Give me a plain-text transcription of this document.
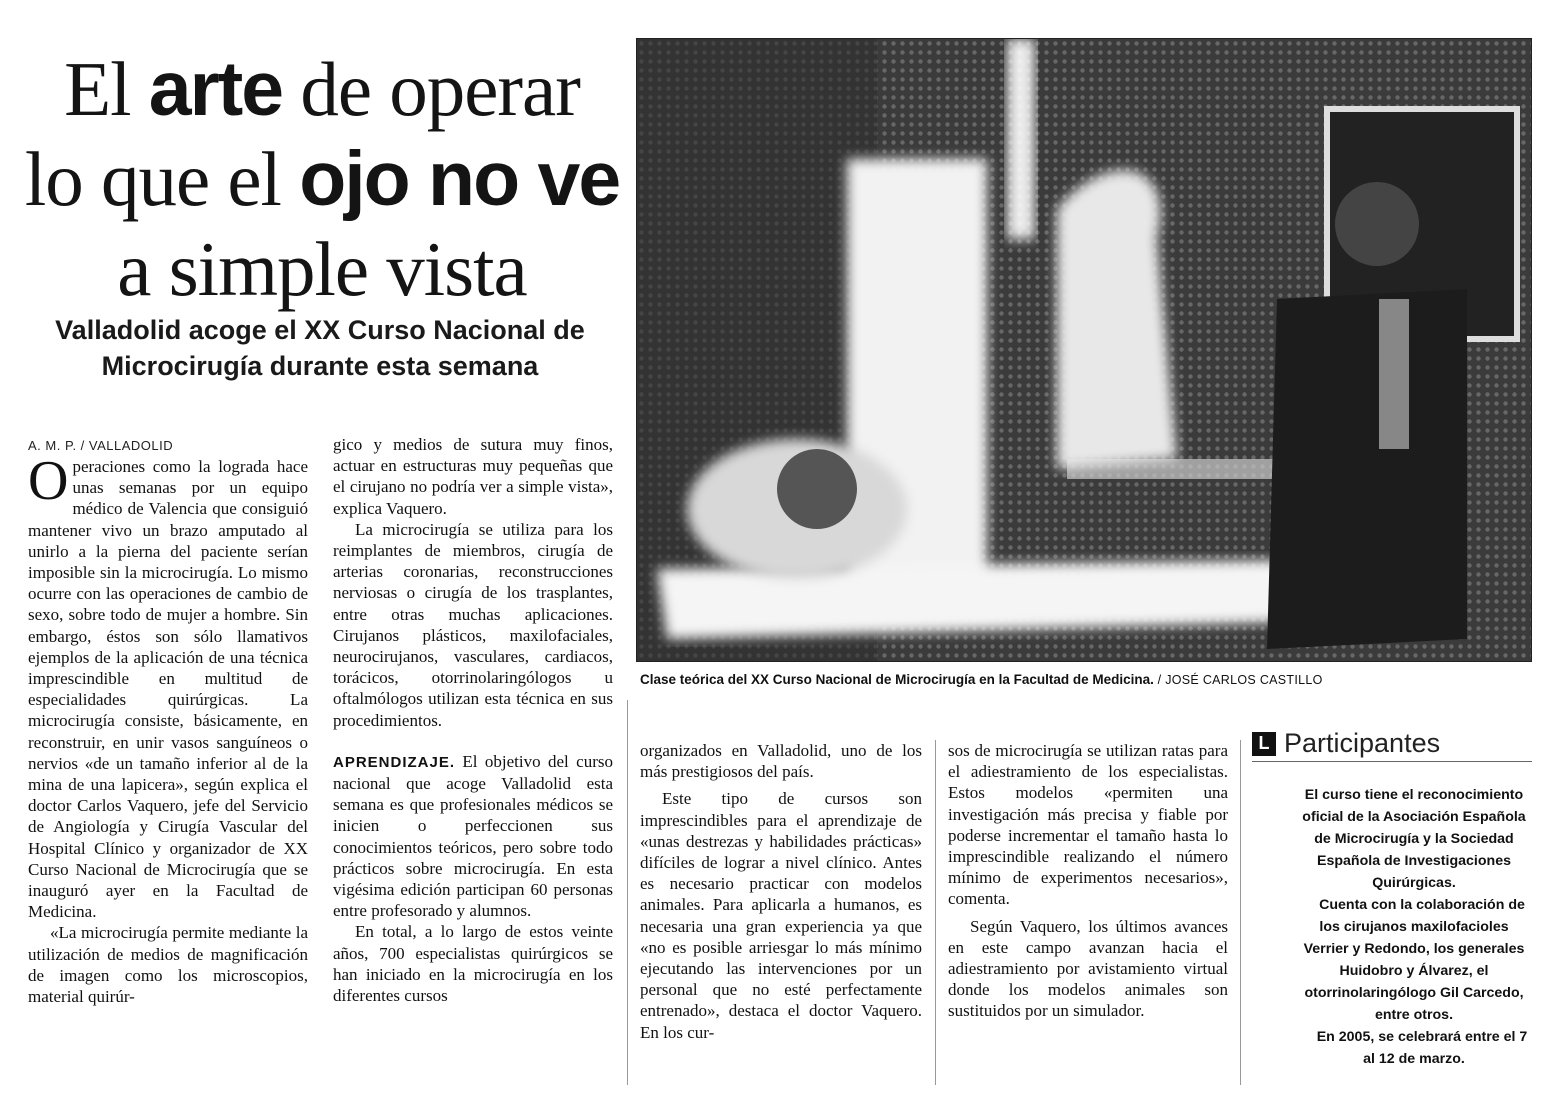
El arte de operar
lo que el ojo no ve
a simple vista
Valladolid acoge el XX Curso Nacional de Microcirugía durante esta semana
A. M. P. / VALLADOLID

Operaciones como la lograda hace unas semanas por un equipo médico de Valencia que consiguió mantener vivo un brazo amputado al unirlo a la pierna del paciente serían imposible sin la microcirugía. Lo mismo ocurre con las operaciones de cambio de sexo, sobre todo de mujer a hombre. Sin embargo, éstos son sólo llamativos ejemplos de la aplicación de una técnica imprescindible en multitud de especialidades quirúrgicas. La microcirugía consiste, básicamente, en reconstruir, en unir vasos sanguíneos o nervios «de un tamaño inferior al de la mina de una lapicera», según explica el doctor Carlos Vaquero, jefe del Servicio de Angiología y Cirugía Vascular del Hospital Clínico y organizador de XX Curso Nacional de Microcirugía que se inauguró ayer en la Facultad de Medicina.

«La microcirugía permite mediante la utilización de medios de magnificación de imagen como los microscopios, material quirúr-

gico y medios de sutura muy finos, actuar en estructuras muy pequeñas que el cirujano no podría ver a simple vista», explica Vaquero.

La microcirugía se utiliza para los reimplantes de miembros, cirugía de arterias coronarias, reconstrucciones nerviosas o cirugía de los trasplantes, entre otras muchas aplicaciones. Cirujanos plásticos, maxilofaciales, neurocirujanos, vasculares, cardiacos, torácicos, otorrinolaringólogos u oftalmólogos utilizan esta técnica en sus procedimientos.

APRENDIZAJE. El objetivo del curso nacional que acoge Valladolid esta semana es que profesionales médicos se inicien o perfeccionen sus conocimientos teóricos, pero sobre todo prácticos sobre microcirugía. En esta vigésima edición participan 60 personas entre profesorado y alumnos.

En total, a lo largo de estos veinte años, 700 especialistas quirúrgicos se han iniciado en la microcirugía en los diferentes cursos

Clase teórica del XX Curso Nacional de Microcirugía en la Facultad de Medicina. / JOSÉ CARLOS CASTILLO

organizados en Valladolid, uno de los más prestigiosos del país.

Este tipo de cursos son imprescindibles para el aprendizaje de «unas destrezas y habilidades prácticas» difíciles de lograr a nivel clínico. Antes es necesario practicar con modelos animales. Para aplicarla a humanos, es necesaria una gran experiencia ya que «no es posible arriesgar lo más mínimo ejecutando las intervenciones por un personal que no esté perfectamente entrenado», destaca el doctor Vaquero. En los cur-

sos de microcirugía se utilizan ratas para el adiestramiento de los especialistas. Estos modelos «permiten una investigación más precisa y fiable por poderse incrementar el tamaño hasta lo imprescindible realizando el número mínimo de experimentos necesarios», comenta.

Según Vaquero, los últimos avances en este campo avanzan hacia el adiestramiento por avistamiento virtual donde los modelos animales son sustituidos por un simulador.

L Participantes

El curso tiene el reconocimiento oficial de la Asociación Española de Microcirugía y la Sociedad Española de Investigaciones Quirúrgicas.

Cuenta con la colaboración de los cirujanos maxilofacioles Verrier y Redondo, los generales Huidobro y Álvarez, el otorrinolaringólogo Gil Carcedo, entre otros.

En 2005, se celebrará entre el 7 al 12 de marzo.
